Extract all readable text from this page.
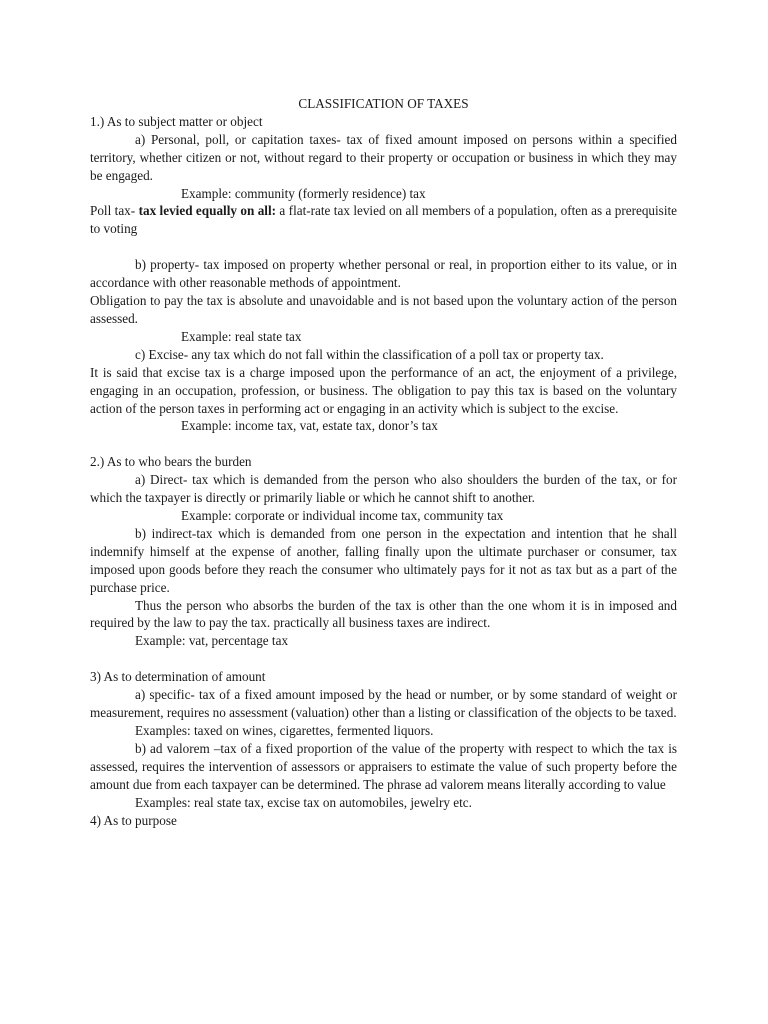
CLASSIFICATION OF TAXES

1.) As to subject matter or object

a) Personal, poll, or capitation taxes- tax of fixed amount imposed on persons within a specified territory, whether citizen or not, without regard to their property or occupation or business in which they may be engaged.

Example: community (formerly residence) tax

Poll tax- tax levied equally on all: a flat-rate tax levied on all members of a population, often as a prerequisite to voting

b) property- tax imposed on property whether personal or real, in proportion either to its value, or in accordance with other reasonable methods of appointment.

Obligation to pay the tax is absolute and unavoidable and is not based upon the voluntary action of the person assessed.

Example: real state tax

c) Excise- any tax which do not fall within the classification of a poll tax or property tax.

It is said that excise tax is a charge imposed upon the performance of an act, the enjoyment of a privilege, engaging in an occupation, profession, or business. The obligation to pay this tax is based on the voluntary action of the person taxes in performing act or engaging in an activity which is subject to the excise.

Example: income tax, vat, estate tax, donor’s tax

2.) As to who bears the burden

a) Direct- tax which is demanded from the person who also shoulders the burden of the tax, or for which the taxpayer is directly or primarily liable or which he cannot shift to another.

Example: corporate or individual income tax, community tax

b) indirect-tax which is demanded from one person in the expectation and intention that he shall indemnify himself at the expense of another, falling finally upon the ultimate purchaser or consumer, tax imposed upon goods before they reach the consumer who ultimately pays for it not as tax but as a part of the purchase price.

Thus the person who absorbs the burden of the tax is other than the one whom it is in imposed and required by the law to pay the tax. practically all business taxes are indirect.

Example: vat, percentage tax

3) As to determination of amount

a) specific- tax of a fixed amount imposed by the head or number, or by some standard of weight or measurement, requires no assessment (valuation) other than a listing or classification of the objects to be taxed.

Examples: taxed on wines, cigarettes, fermented liquors.

b) ad valorem –tax of a fixed proportion of the value of the property with respect to which the tax is assessed, requires the intervention of assessors or appraisers to estimate the value of such property before the amount due from each taxpayer can be determined. The phrase ad valorem means literally according to value

Examples: real state tax, excise tax on automobiles, jewelry etc.

4) As to purpose
